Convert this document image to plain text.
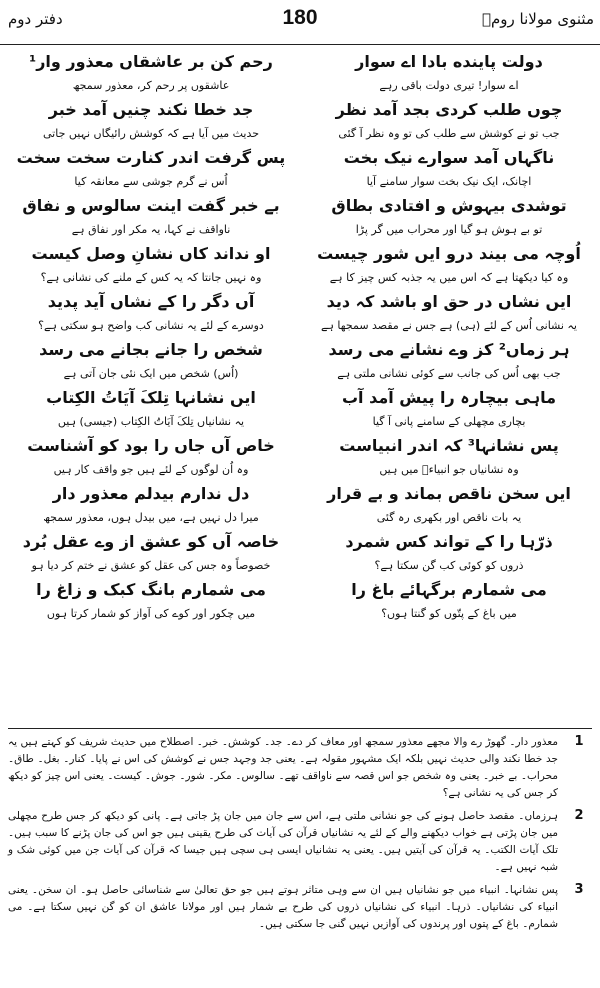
دفتر دوم	180	مثنوی مولانا رومؒ
دولت پاینده بادا اے سوار
اے سوار! تیری دولت باقی رہے
چوں طلب کردی بجد آمد نظر
جب تو نے کوشش سے طلب کی تو وہ نظر آ گئی
ناگہاں آمد سوارے نیک بخت
اچانک، ایک نیک بخت سوار سامنے آیا
توشدی بیہوش و افتادی بطاق
تو بے ہوش ہو گیا اور محراب میں گر پڑا
اُوچہ می بیند درو ایں شور چیست
وہ کیا دیکھتا ہے کہ اس میں یہ جذبہ کس چیز کا ہے
ایں نشاں در حق او باشد کہ دید
یہ نشانی اُس کے لئے (ہی) ہے جس نے مقصد سمجھا ہے
ہر زماں² کز وے نشانے می رسد
جب بھی اُس کی جانب سے کوئی نشانی ملتی ہے
ماہی بیچارہ را پیش آمد آب
بچاری مچھلی کے سامنے پانی آ گیا
پس نشانہا³ کہ اندر انبیاست
وہ نشانیاں جو انبیاءؑ میں ہیں
ایں سخن ناقص بماند و بے قرار
یہ بات ناقص اور بکھری رہ گئی
ذرّہا را کے تواند کس شمرد
ذروں کو کوئی کب گن سکتا ہے؟
می شمارم برگہائے باغ را
میں باغ کے پتّوں کو گنتا ہوں؟
رحم کن بر عاشقاں معذور وار¹
عاشقوں پر رحم کر، معذور سمجھ
جد خطا نکند چنیں آمد خبر
حدیث میں آیا ہے کہ کوشش رائیگاں نہیں جاتی
پس گرفت اندر کنارت سخت سخت
اُس نے گرم جوشی سے معانقہ کیا
بے خبر گفت اینت سالوس و نفاق
ناواقف نے کہا، یہ مکر اور نفاق ہے
او نداند کاں نشانِ وصل کیست
وہ نہیں جانتا کہ یہ کس کے ملنے کی نشانی ہے؟
آں دگر را کے نشاں آید پدید
دوسرے کے لئے یہ نشانی کب واضح ہو سکتی ہے؟
شخص را جانے بجانے می رسد
(اُس) شخص میں ایک نئی جان آتی ہے
ایں نشانہا تِلکَ آیَاتُ الکِتاب
یہ نشانیاں تِلکَ آیَاتُ الکِتاب (جیسی) ہیں
خاص آں جاں را بود کو آشناست
وہ اُن لوگوں کے لئے ہیں جو واقف کار ہیں
دل ندارم بیدلم معذور دار
میرا دل نہیں ہے، میں بیدل ہوں، معذور سمجھ
خاصہ آں کو عشق از وے عقل بُرد
خصوصاً وہ جس کی عقل کو عشق نے ختم کر دیا ہو
می شمارم بانگ کبک و زاغ را
میں چکور اور کوے کی آواز کو شمار کرتا ہوں
1
معذور دار۔ گھوڑ رے والا مجھے معذور سمجھ اور معاف کر دے۔ جد۔ کوشش۔ خبر۔ اصطلاح میں حدیث شریف کو کہتے ہیں یہ جد خطا نکند والی حدیث نہیں بلکہ ایک مشہور مقولہ ہے۔ یعنی جد وجہد جس نے کوشش کی اس نے پایا۔ کنار۔ بغل۔ طاق۔ محراب۔ بے خبر۔ یعنی وہ شخص جو اس قصہ سے ناواقف تھے۔ سالوس۔ مکر۔ شور۔ جوش۔ کیست۔ یعنی اس چیز کو دیکھ کر جس کی یہ نشانی ہے؟
2
ہرزماں۔ مقصد حاصل ہونے کی جو نشانی ملتی ہے، اس سے جان میں جان پڑ جاتی ہے۔ پانی کو دیکھ کر جس طرح مچھلی میں جان پڑتی ہے خواب دیکھنے والے کے لئے یہ نشانیاں قرآن کی آیات کی طرح یقینی ہیں جو اس کی جان پڑنے کا سبب ہیں۔ تلک آیات الکتب۔ یہ قرآن کی آیتیں ہیں۔ یعنی یہ نشانیاں ایسی ہی سچی ہیں جیسا کہ قرآن کی آیات جن میں کوئی شک و شبہ نہیں ہے۔
3
پس نشانہا۔ انبیاء میں جو نشانیاں ہیں ان سے وہی متاثر ہوتے ہیں جو حق تعالیٰ سے شناسائی حاصل ہو۔ ان سخن۔ یعنی انبیاء کی نشانیاں۔ ذرہا۔ انبیاء کی نشانیاں ذروں کی طرح بے شمار ہیں اور مولانا عاشق ان کو گن نہیں سکتا ہے۔ می شمارم۔ باغ کے پتوں اور پرندوں کی آوازیں نہیں گنی جا سکتی ہیں۔
